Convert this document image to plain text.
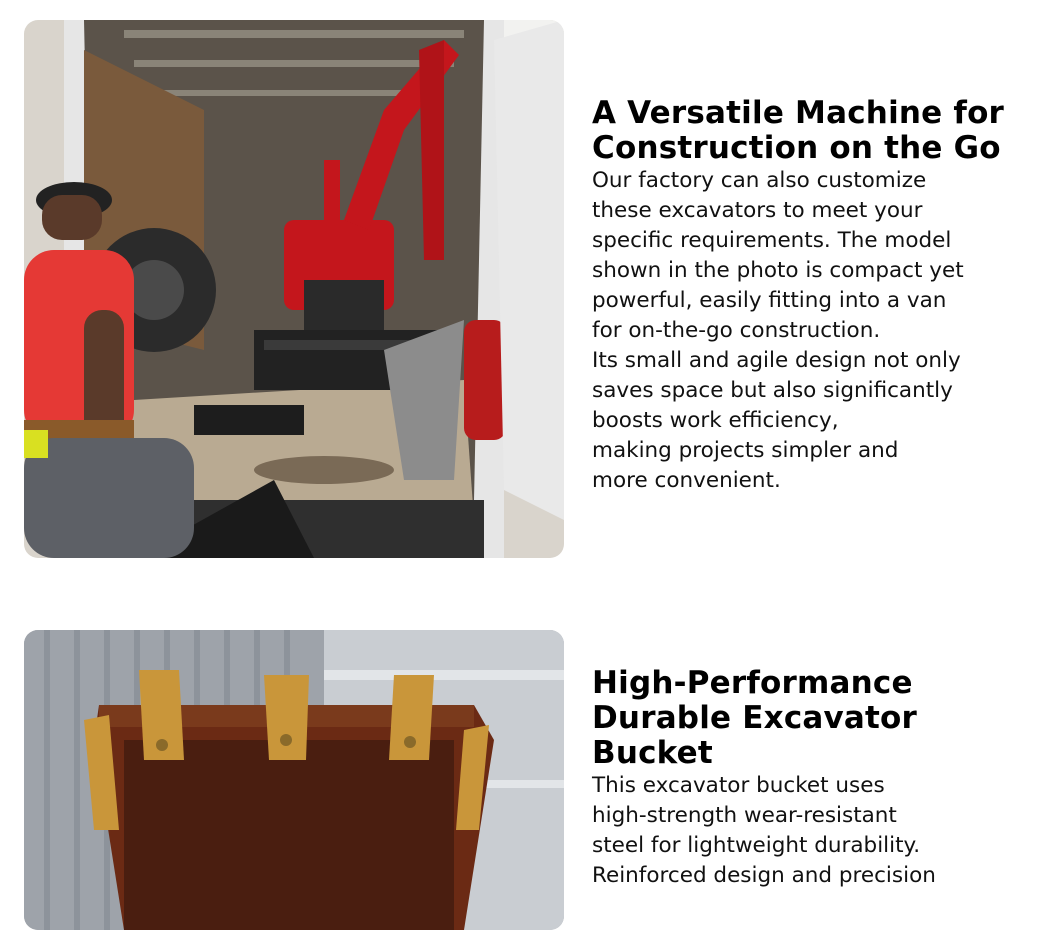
A Versatile Machine for
Construction on the Go

Our factory can also customize
these excavators to meet your
specific requirements. The model
shown in the photo is compact yet
powerful, easily fitting into a van
for on-the-go construction.
Its small and agile design not only
saves space but also significantly
boosts work efficiency,
making projects simpler and
more convenient.

High-Performance
Durable Excavator
Bucket

This excavator bucket uses
high-strength wear-resistant
steel for lightweight durability.
Reinforced design and precision
